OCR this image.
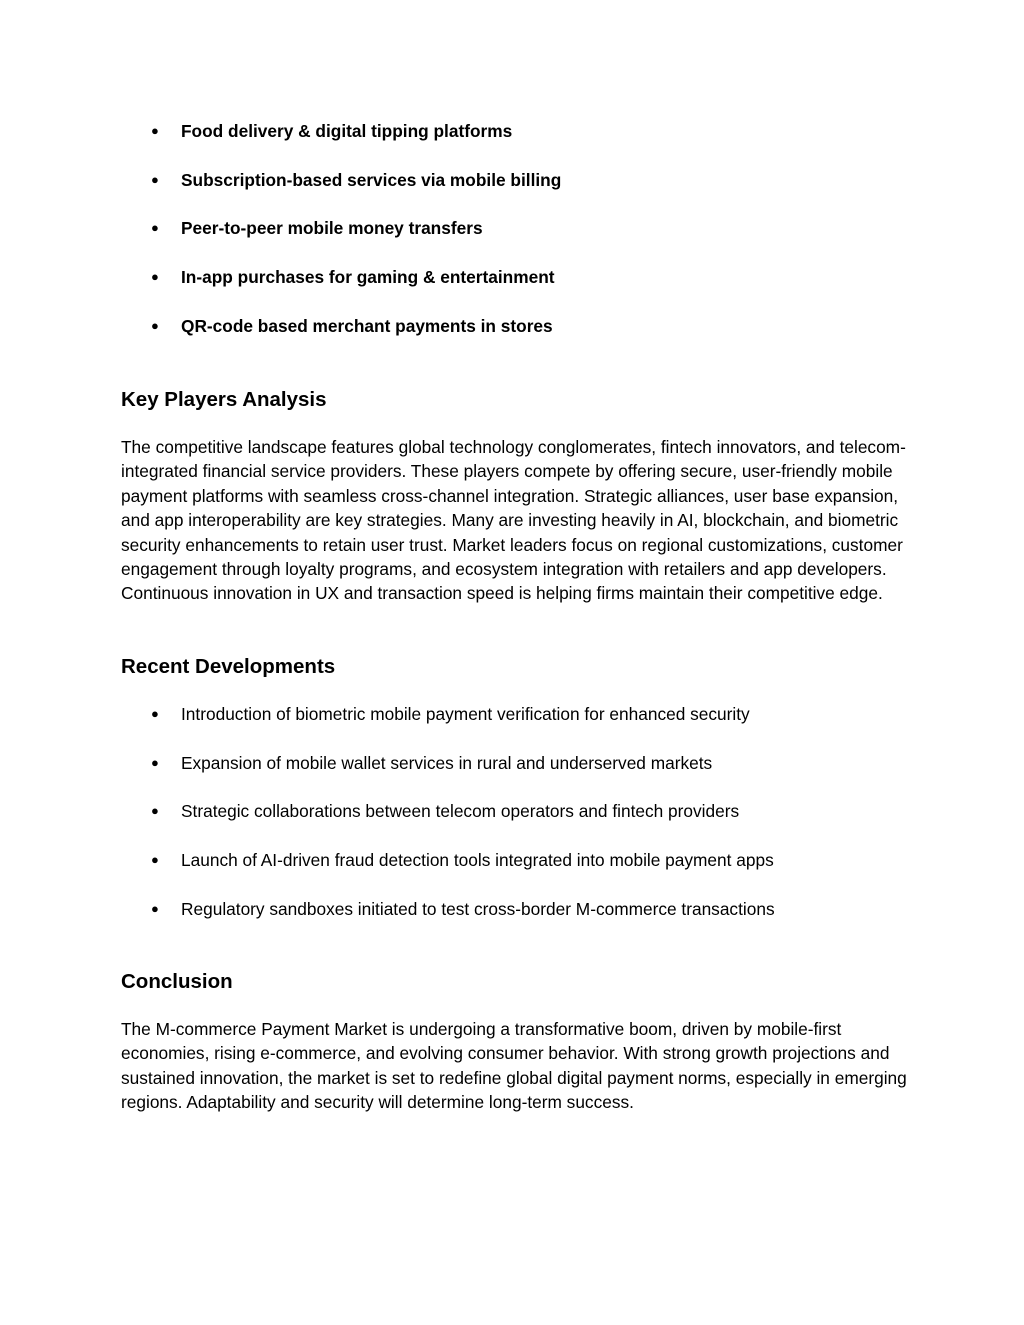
● Food delivery & digital tipping platforms
● Subscription-based services via mobile billing
● Peer-to-peer mobile money transfers
● In-app purchases for gaming & entertainment
● QR-code based merchant payments in stores
Key Players Analysis

The competitive landscape features global technology conglomerates, fintech innovators, and telecom-integrated financial service providers. These players compete by offering secure, user-friendly mobile payment platforms with seamless cross-channel integration. Strategic alliances, user base expansion, and app interoperability are key strategies. Many are investing heavily in AI, blockchain, and biometric security enhancements to retain user trust. Market leaders focus on regional customizations, customer engagement through loyalty programs, and ecosystem integration with retailers and app developers. Continuous innovation in UX and transaction speed is helping firms maintain their competitive edge.

Recent Developments
● Introduction of biometric mobile payment verification for enhanced security
● Expansion of mobile wallet services in rural and underserved markets
● Strategic collaborations between telecom operators and fintech providers
● Launch of AI-driven fraud detection tools integrated into mobile payment apps
● Regulatory sandboxes initiated to test cross-border M-commerce transactions
Conclusion

The M-commerce Payment Market is undergoing a transformative boom, driven by mobile-first economies, rising e-commerce, and evolving consumer behavior. With strong growth projections and sustained innovation, the market is set to redefine global digital payment norms, especially in emerging regions. Adaptability and security will determine long-term success.
